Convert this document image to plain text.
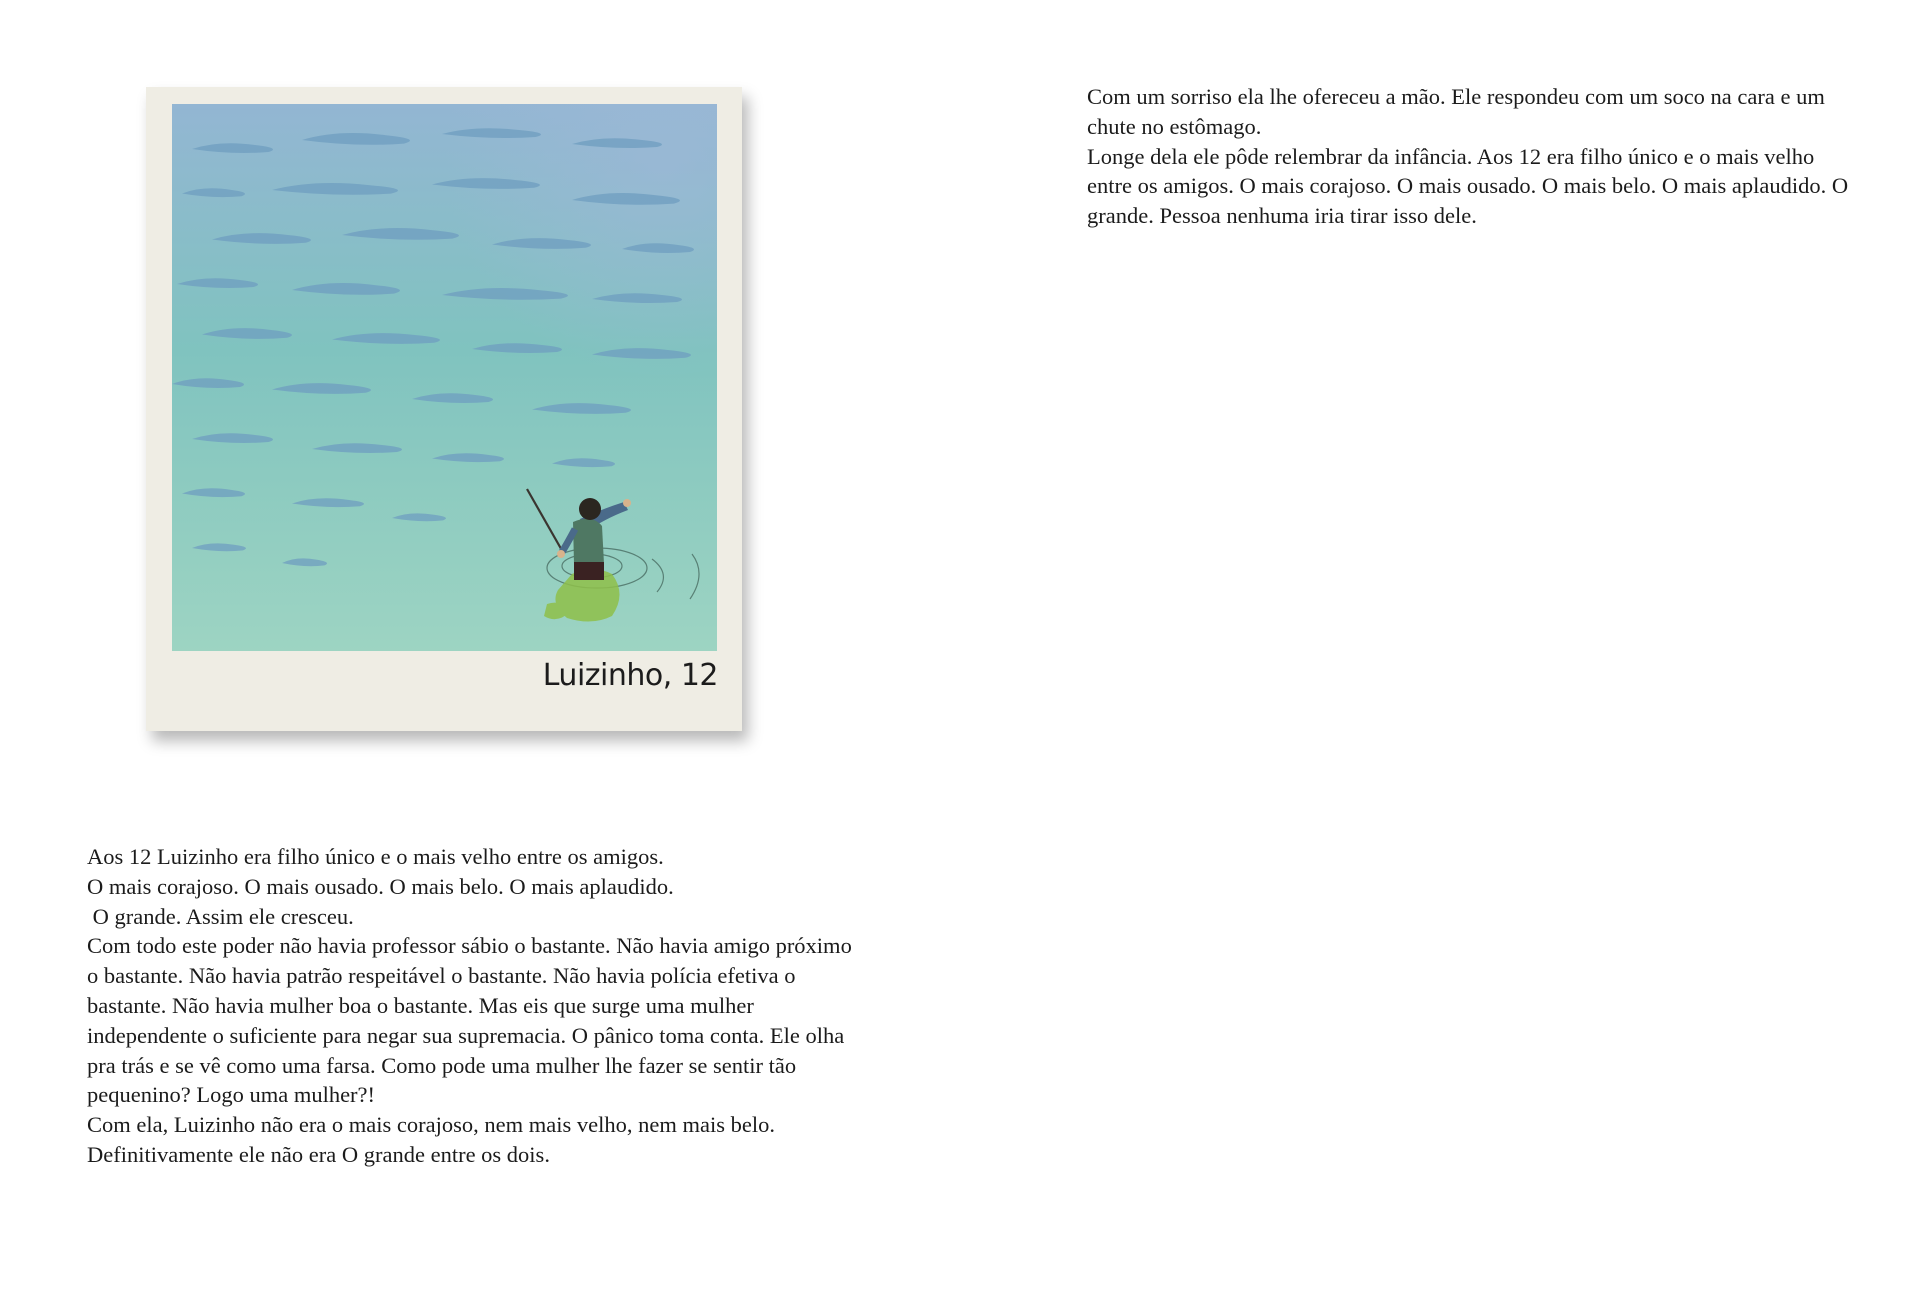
Luizinho, 12

Com um sorriso ela lhe ofereceu a mão. Ele respondeu com um soco na cara e um chute no estômago.

Longe dela ele pôde relembrar da infância. Aos 12 era filho único e o mais velho entre os amigos. O mais corajoso. O mais ousado. O mais belo. O mais aplaudido. O grande. Pessoa nenhuma iria tirar isso dele.

Aos 12 Luizinho era filho único e o mais velho entre os amigos.

O mais corajoso. O mais ousado. O mais belo. O mais aplaudido.

O grande. Assim ele cresceu.

Com todo este poder não havia professor sábio o bastante. Não havia amigo próximo o bastante. Não havia patrão respeitável o bastante. Não havia polícia efetiva o bastante. Não havia mulher boa o bastante. Mas eis que surge uma mulher independente o suficiente para negar sua supremacia. O pânico toma conta. Ele olha pra trás e se vê como uma farsa. Como pode uma mulher lhe fazer se sentir tão pequenino? Logo uma mulher?!

Com ela, Luizinho não era o mais corajoso, nem mais velho, nem mais belo.

Definitivamente ele não era O grande entre os dois.
